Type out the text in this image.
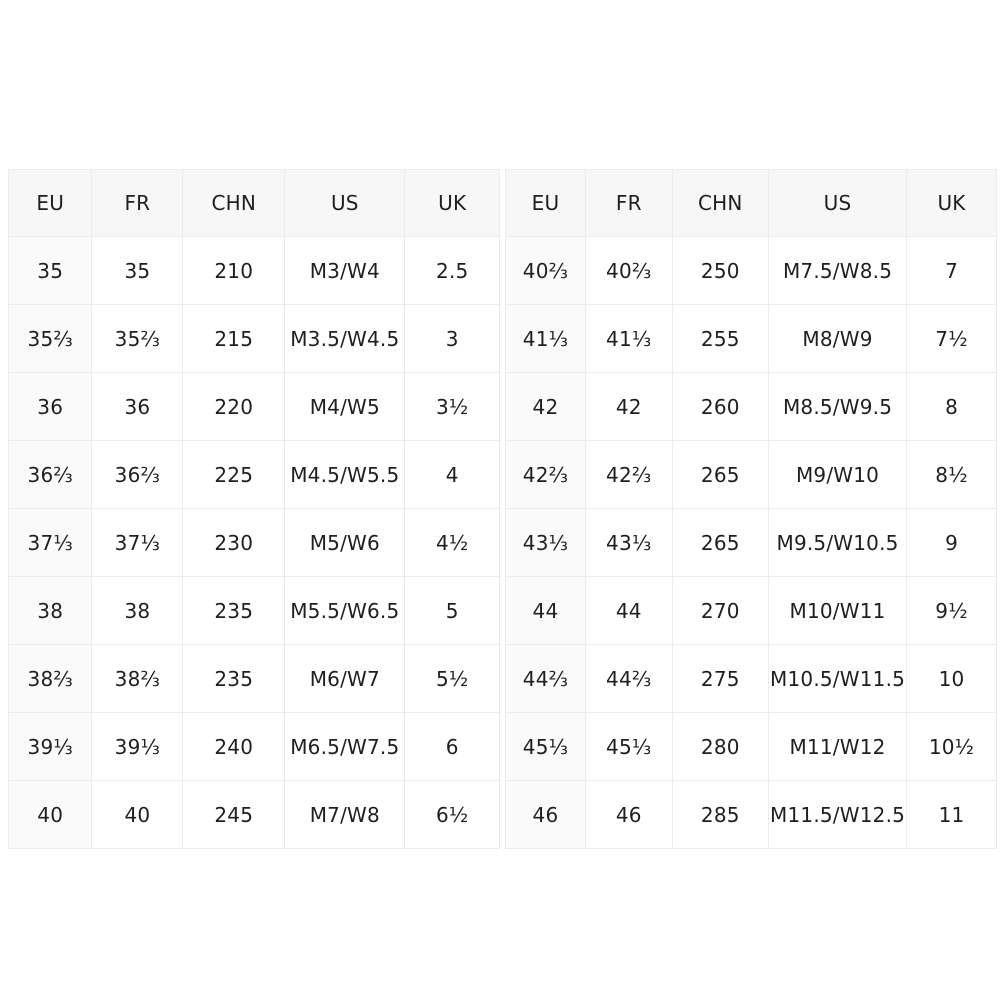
EU	FR	CHN	US	UK
35	35	210	M3/W4	2.5
35⅔	35⅔	215	M3.5/W4.5	3
36	36	220	M4/W5	3½
36⅔	36⅔	225	M4.5/W5.5	4
37⅓	37⅓	230	M5/W6	4½
38	38	235	M5.5/W6.5	5
38⅔	38⅔	235	M6/W7	5½
39⅓	39⅓	240	M6.5/W7.5	6
40	40	245	M7/W8	6½
EU	FR	CHN	US	UK
40⅔	40⅔	250	M7.5/W8.5	7
41⅓	41⅓	255	M8/W9	7½
42	42	260	M8.5/W9.5	8
42⅔	42⅔	265	M9/W10	8½
43⅓	43⅓	265	M9.5/W10.5	9
44	44	270	M10/W11	9½
44⅔	44⅔	275	M10.5/W11.5	10
45⅓	45⅓	280	M11/W12	10½
46	46	285	M11.5/W12.5	11
